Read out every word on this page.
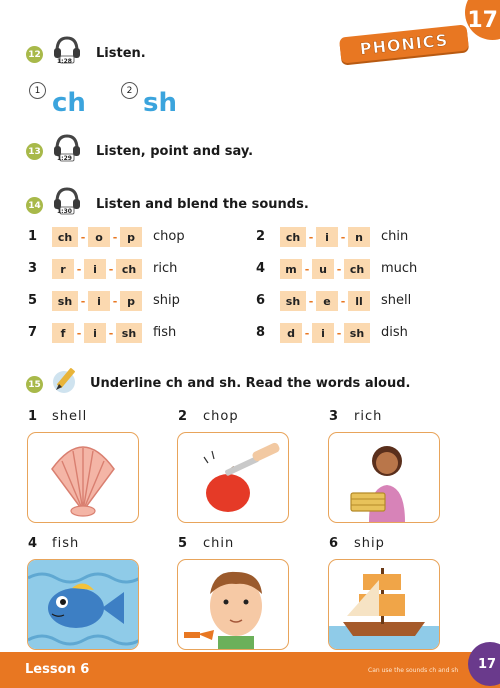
17
PHONICS
12
1:28
Listen.
1 ch	2 sh
13
1:29 Listen, point and say.
14
1:30 Listen and blend the sounds.
1	ch - o - p	chop	2	ch -	i	- n	chin
3	r -	i	- ch	rich	4	m - u - ch	much
5	sh -	i	- p	ship	6	sh - e - ll	shell
7	f	-	i	- sh	fish	8	d -	i	- sh	dish
15	Underline ch and sh. Read the words aloud.
1 shell	2 chop	3 rich
4 fish	5 chin	6 ship
Lesson 6	Can use the sounds ch and sh 17
